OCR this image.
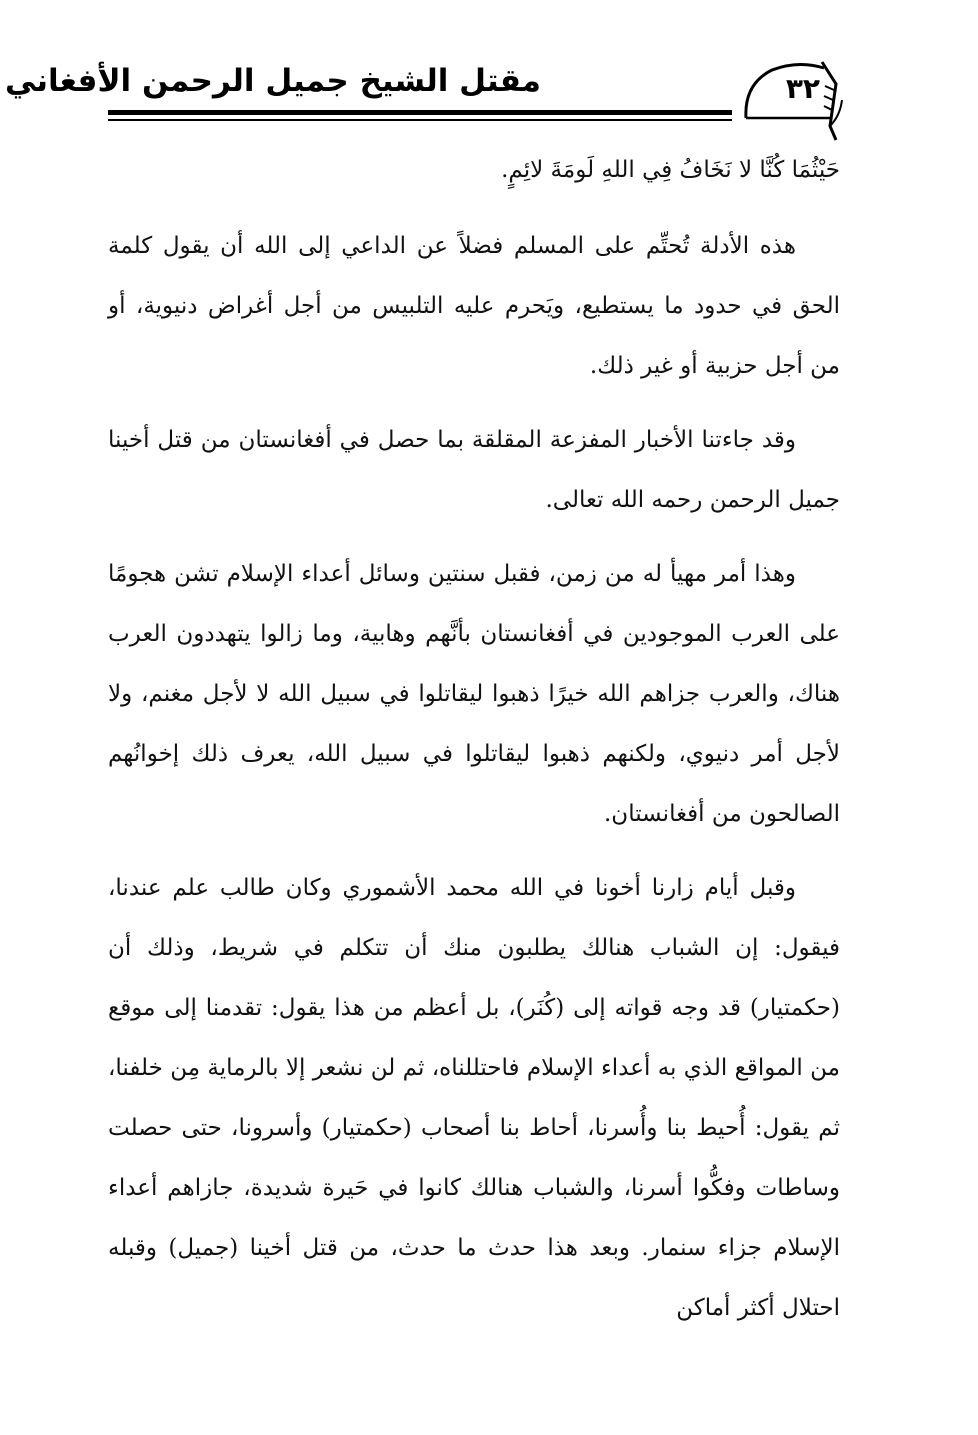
مقتل الشيخ جميل الرحمن الأفغاني	٣٢

حَيْثُمَا كُنَّا لا نَخَافُ فِي اللهِ لَومَةَ لائِمٍ.

هذه الأدلة تُحتِّم على المسلم فضلاً عن الداعي إلى الله أن يقول كلمة الحق في حدود ما يستطيع، ويَحرم عليه التلبيس من أجل أغراض دنيوية، أو من أجل حزبية أو غير ذلك.

وقد جاءتنا الأخبار المفزعة المقلقة بما حصل في أفغانستان من قتل أخينا جميل الرحمن رحمه الله تعالى.

وهذا أمر مهيأ له من زمن، فقبل سنتين وسائل أعداء الإسلام تشن هجومًا على العرب الموجودين في أفغانستان بأنَّهم وهابية، وما زالوا يتهددون العرب هناك، والعرب جزاهم الله خيرًا ذهبوا ليقاتلوا في سبيل الله لا لأجل مغنم، ولا لأجل أمر دنيوي، ولكنهم ذهبوا ليقاتلوا في سبيل الله، يعرف ذلك إخوانُهم الصالحون من أفغانستان.

وقبل أيام زارنا أخونا في الله محمد الأشموري وكان طالب علم عندنا، فيقول: إن الشباب هنالك يطلبون منك أن تتكلم في شريط، وذلك أن (حكمتيار) قد وجه قواته إلى (كُنَر)، بل أعظم من هذا يقول: تقدمنا إلى موقع من المواقع الذي به أعداء الإسلام فاحتللناه، ثم لن نشعر إلا بالرماية مِن خلفنا، ثم يقول: أُحيط بنا وأُسرنا، أحاط بنا أصحاب (حكمتيار) وأسرونا، حتى حصلت وساطات وفكُّوا أسرنا، والشباب هنالك كانوا في حَيرة شديدة، جازاهم أعداء الإسلام جزاء سنمار. وبعد هذا حدث ما حدث، من قتل أخينا (جميل) وقبله احتلال أكثر أماكن
